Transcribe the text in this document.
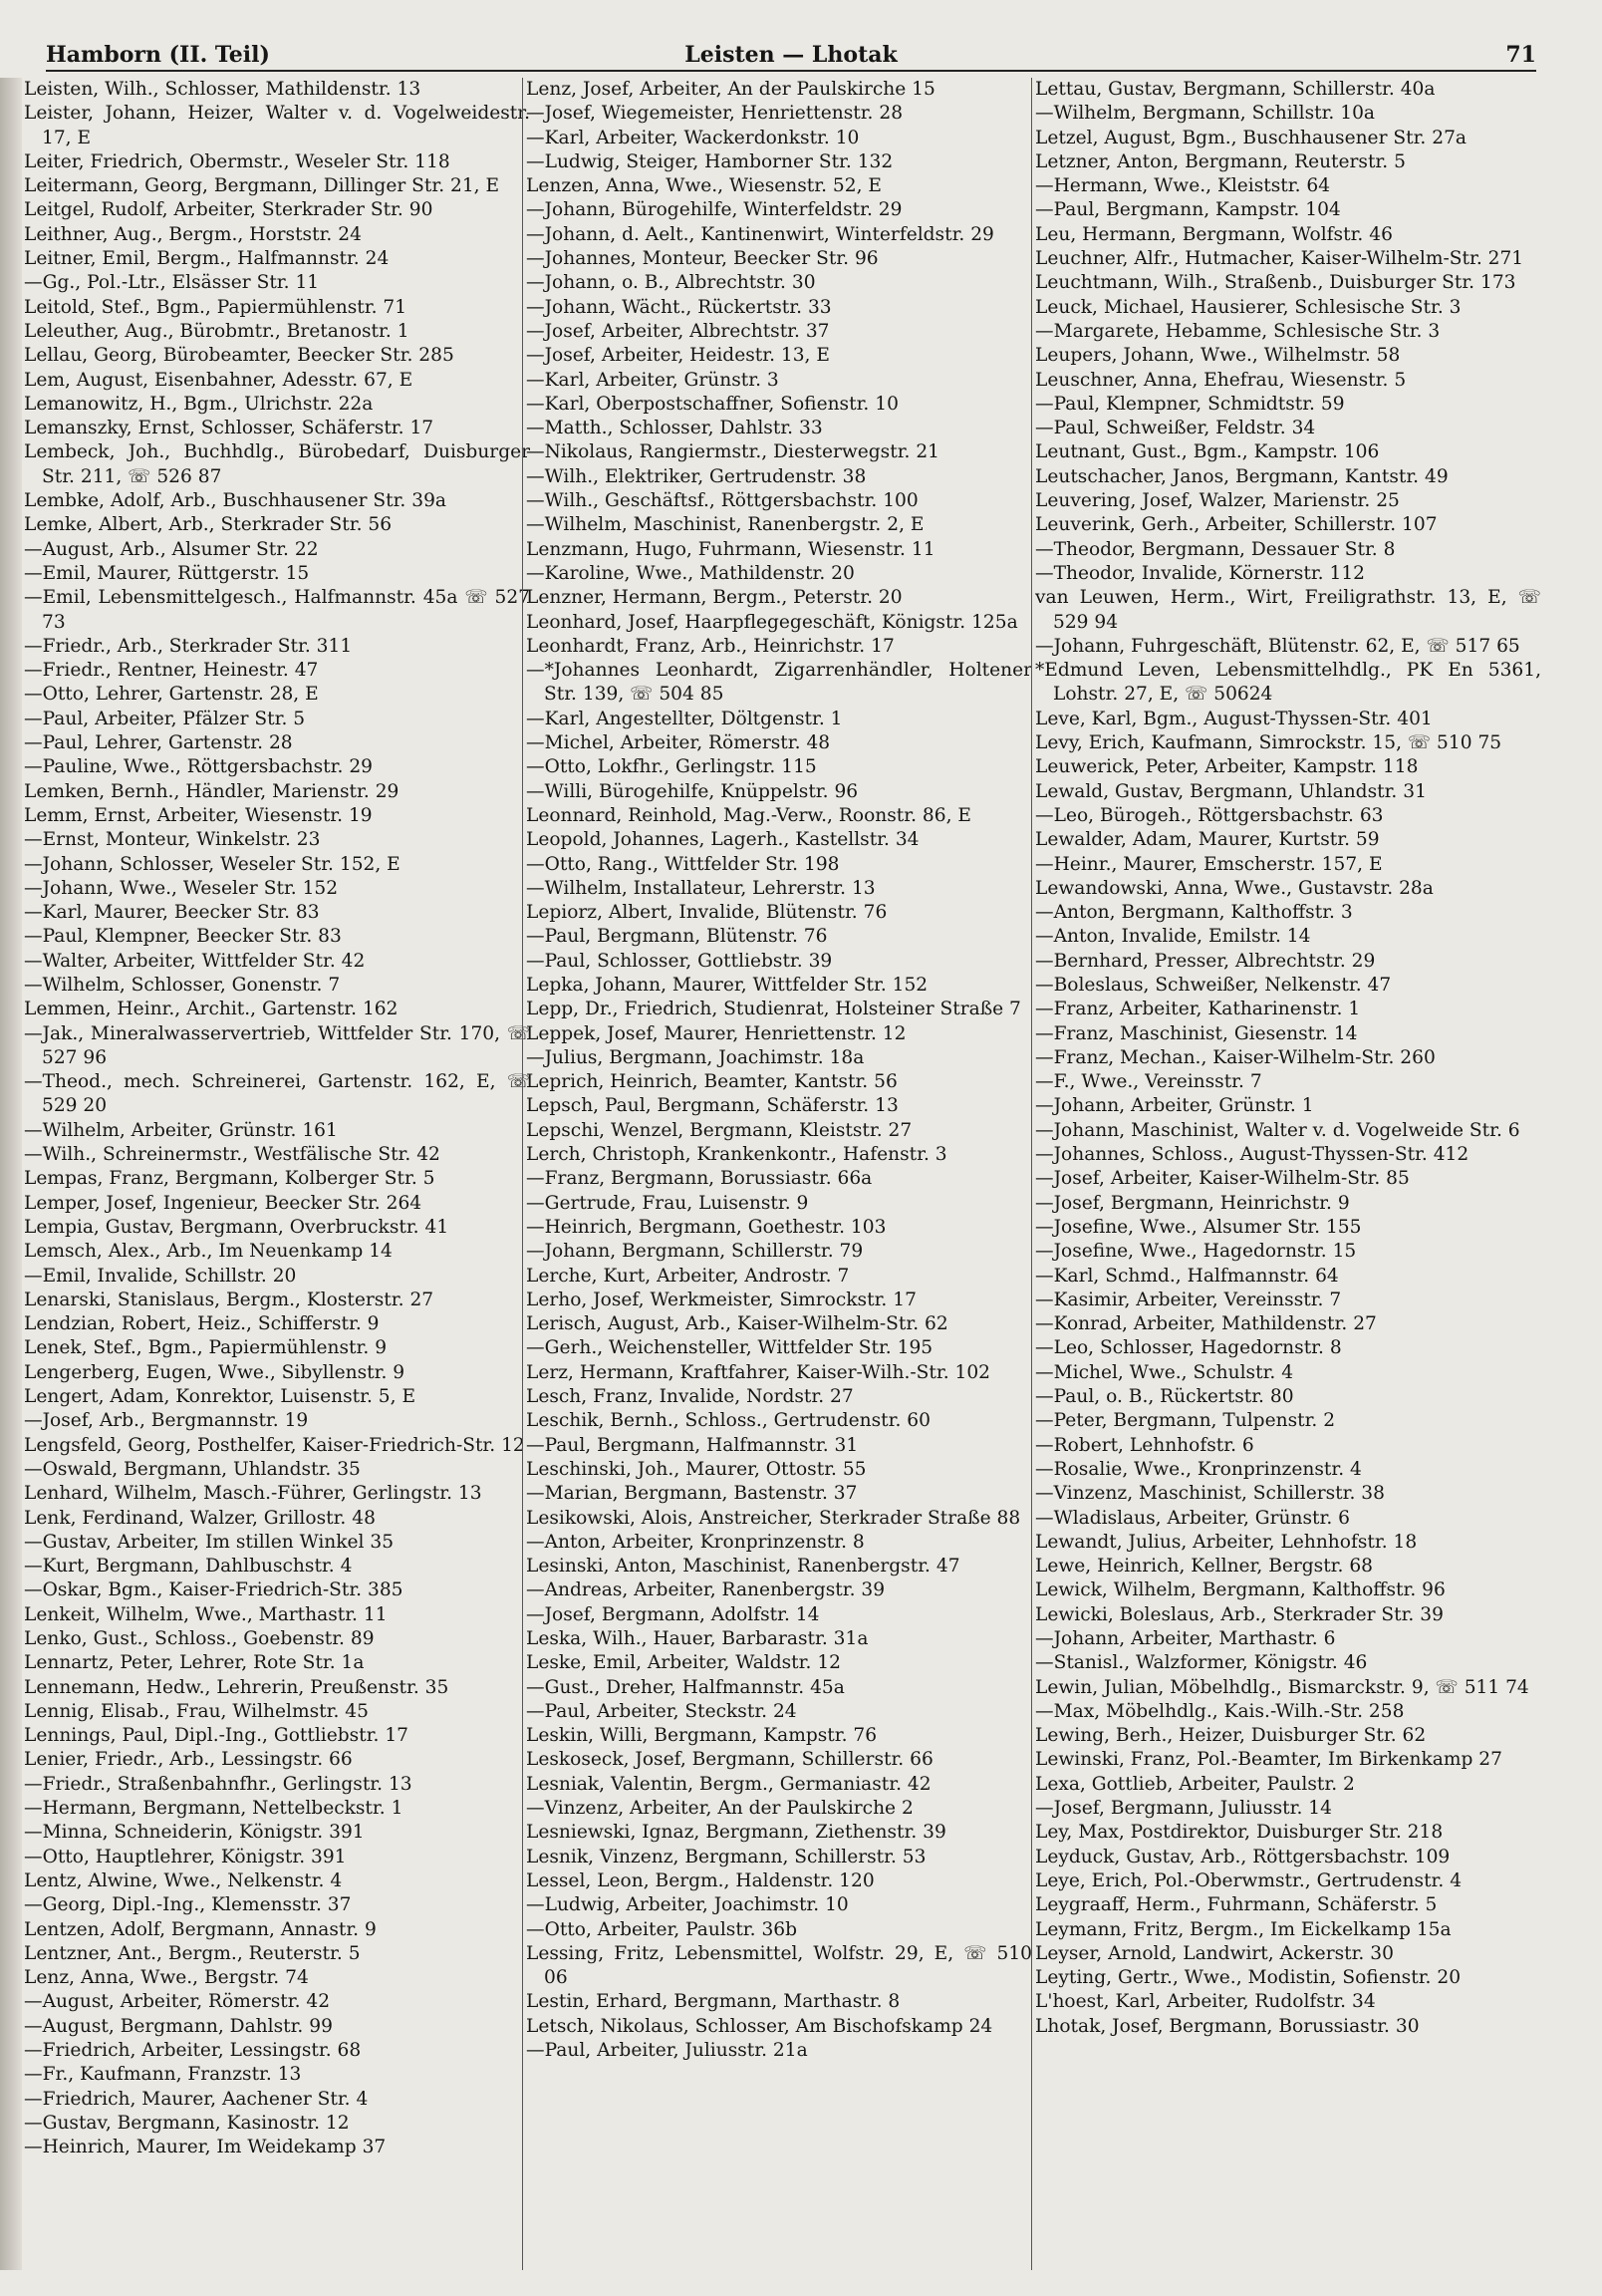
Hamborn (II. Teil)	Leisten — Lhotak	71

Leisten, Wilh., Schlosser, Mathildenstr. 13

Leister, Johann, Heizer, Walter v. d. Vogelweidestr. 17, E

Leiter, Friedrich, Obermstr., Weseler Str. 118

Leitermann, Georg, Bergmann, Dillinger Str. 21, E

Leitgel, Rudolf, Arbeiter, Sterkrader Str. 90

Leithner, Aug., Bergm., Horststr. 24

Leitner, Emil, Bergm., Halfmannstr. 24

—Gg., Pol.-Ltr., Elsässer Str. 11

Leitold, Stef., Bgm., Papiermühlenstr. 71

Leleuther, Aug., Bürobmtr., Bretanostr. 1

Lellau, Georg, Bürobeamter, Beecker Str. 285

Lem, August, Eisenbahner, Adesstr. 67, E

Lemanowitz, H., Bgm., Ulrichstr. 22a

Lemanszky, Ernst, Schlosser, Schäferstr. 17

Lembeck, Joh., Buchhdlg., Bürobedarf, Duisburger Str. 211, ☏ 526 87

Lembke, Adolf, Arb., Buschhausener Str. 39a

Lemke, Albert, Arb., Sterkrader Str. 56

—August, Arb., Alsumer Str. 22

—Emil, Maurer, Rüttgerstr. 15

—Emil, Lebensmittelgesch., Halfmannstr. 45a ☏ 527 73

—Friedr., Arb., Sterkrader Str. 311

—Friedr., Rentner, Heinestr. 47

—Otto, Lehrer, Gartenstr. 28, E

—Paul, Arbeiter, Pfälzer Str. 5

—Paul, Lehrer, Gartenstr. 28

—Pauline, Wwe., Röttgersbachstr. 29

Lemken, Bernh., Händler, Marienstr. 29

Lemm, Ernst, Arbeiter, Wiesenstr. 19

—Ernst, Monteur, Winkelstr. 23

—Johann, Schlosser, Weseler Str. 152, E

—Johann, Wwe., Weseler Str. 152

—Karl, Maurer, Beecker Str. 83

—Paul, Klempner, Beecker Str. 83

—Walter, Arbeiter, Wittfelder Str. 42

—Wilhelm, Schlosser, Gonenstr. 7

Lemmen, Heinr., Archit., Gartenstr. 162

—Jak., Mineralwasservertrieb, Wittfelder Str. 170, ☏ 527 96

—Theod., mech. Schreinerei, Gartenstr. 162, E, ☏ 529 20

—Wilhelm, Arbeiter, Grünstr. 161

—Wilh., Schreinermstr., Westfälische Str. 42

Lempas, Franz, Bergmann, Kolberger Str. 5

Lemper, Josef, Ingenieur, Beecker Str. 264

Lempia, Gustav, Bergmann, Overbruckstr. 41

Lemsch, Alex., Arb., Im Neuenkamp 14

—Emil, Invalide, Schillstr. 20

Lenarski, Stanislaus, Bergm., Klosterstr. 27

Lendzian, Robert, Heiz., Schifferstr. 9

Lenek, Stef., Bgm., Papiermühlenstr. 9

Lengerberg, Eugen, Wwe., Sibyllenstr. 9

Lengert, Adam, Konrektor, Luisenstr. 5, E

—Josef, Arb., Bergmannstr. 19

Lengsfeld, Georg, Posthelfer, Kaiser-Friedrich-Str. 12

—Oswald, Bergmann, Uhlandstr. 35

Lenhard, Wilhelm, Masch.-Führer, Gerlingstr. 13

Lenk, Ferdinand, Walzer, Grillostr. 48

—Gustav, Arbeiter, Im stillen Winkel 35

—Kurt, Bergmann, Dahlbuschstr. 4

—Oskar, Bgm., Kaiser-Friedrich-Str. 385

Lenkeit, Wilhelm, Wwe., Marthastr. 11

Lenko, Gust., Schloss., Goebenstr. 89

Lennartz, Peter, Lehrer, Rote Str. 1a

Lennemann, Hedw., Lehrerin, Preußenstr. 35

Lennig, Elisab., Frau, Wilhelmstr. 45

Lennings, Paul, Dipl.-Ing., Gottliebstr. 17

Lenier, Friedr., Arb., Lessingstr. 66

—Friedr., Straßenbahnfhr., Gerlingstr. 13

—Hermann, Bergmann, Nettelbeckstr. 1

—Minna, Schneiderin, Königstr. 391

—Otto, Hauptlehrer, Königstr. 391

Lentz, Alwine, Wwe., Nelkenstr. 4

—Georg, Dipl.-Ing., Klemensstr. 37

Lentzen, Adolf, Bergmann, Annastr. 9

Lentzner, Ant., Bergm., Reuterstr. 5

Lenz, Anna, Wwe., Bergstr. 74

—August, Arbeiter, Römerstr. 42

—August, Bergmann, Dahlstr. 99

—Friedrich, Arbeiter, Lessingstr. 68

—Fr., Kaufmann, Franzstr. 13

—Friedrich, Maurer, Aachener Str. 4

—Gustav, Bergmann, Kasinostr. 12

—Heinrich, Maurer, Im Weidekamp 37

Lenz, Josef, Arbeiter, An der Paulskirche 15

—Josef, Wiegemeister, Henriettenstr. 28

—Karl, Arbeiter, Wackerdonkstr. 10

—Ludwig, Steiger, Hamborner Str. 132

Lenzen, Anna, Wwe., Wiesenstr. 52, E

—Johann, Bürogehilfe, Winterfeldstr. 29

—Johann, d. Aelt., Kantinenwirt, Winterfeldstr. 29

—Johannes, Monteur, Beecker Str. 96

—Johann, o. B., Albrechtstr. 30

—Johann, Wächt., Rückertstr. 33

—Josef, Arbeiter, Albrechtstr. 37

—Josef, Arbeiter, Heidestr. 13, E

—Karl, Arbeiter, Grünstr. 3

—Karl, Oberpostschaffner, Sofienstr. 10

—Matth., Schlosser, Dahlstr. 33

—Nikolaus, Rangiermstr., Diesterwegstr. 21

—Wilh., Elektriker, Gertrudenstr. 38

—Wilh., Geschäftsf., Röttgersbachstr. 100

—Wilhelm, Maschinist, Ranenbergstr. 2, E

Lenzmann, Hugo, Fuhrmann, Wiesenstr. 11

—Karoline, Wwe., Mathildenstr. 20

Lenzner, Hermann, Bergm., Peterstr. 20

Leonhard, Josef, Haarpflegegeschäft, Königstr. 125a

Leonhardt, Franz, Arb., Heinrichstr. 17

—*Johannes Leonhardt, Zigarrenhändler, Holtener Str. 139, ☏ 504 85

—Karl, Angestellter, Döltgenstr. 1

—Michel, Arbeiter, Römerstr. 48

—Otto, Lokfhr., Gerlingstr. 115

—Willi, Bürogehilfe, Knüppelstr. 96

Leonnard, Reinhold, Mag.-Verw., Roonstr. 86, E

Leopold, Johannes, Lagerh., Kastellstr. 34

—Otto, Rang., Wittfelder Str. 198

—Wilhelm, Installateur, Lehrerstr. 13

Lepiorz, Albert, Invalide, Blütenstr. 76

—Paul, Bergmann, Blütenstr. 76

—Paul, Schlosser, Gottliebstr. 39

Lepka, Johann, Maurer, Wittfelder Str. 152

Lepp, Dr., Friedrich, Studienrat, Holsteiner Straße 7

Leppek, Josef, Maurer, Henriettenstr. 12

—Julius, Bergmann, Joachimstr. 18a

Leprich, Heinrich, Beamter, Kantstr. 56

Lepsch, Paul, Bergmann, Schäferstr. 13

Lepschi, Wenzel, Bergmann, Kleiststr. 27

Lerch, Christoph, Krankenkontr., Hafenstr. 3

—Franz, Bergmann, Borussiastr. 66a

—Gertrude, Frau, Luisenstr. 9

—Heinrich, Bergmann, Goethestr. 103

—Johann, Bergmann, Schillerstr. 79

Lerche, Kurt, Arbeiter, Androstr. 7

Lerho, Josef, Werkmeister, Simrockstr. 17

Lerisch, August, Arb., Kaiser-Wilhelm-Str. 62

—Gerh., Weichensteller, Wittfelder Str. 195

Lerz, Hermann, Kraftfahrer, Kaiser-Wilh.-Str. 102

Lesch, Franz, Invalide, Nordstr. 27

Leschik, Bernh., Schloss., Gertrudenstr. 60

—Paul, Bergmann, Halfmannstr. 31

Leschinski, Joh., Maurer, Ottostr. 55

—Marian, Bergmann, Bastenstr. 37

Lesikowski, Alois, Anstreicher, Sterkrader Straße 88

—Anton, Arbeiter, Kronprinzenstr. 8

Lesinski, Anton, Maschinist, Ranenbergstr. 47

—Andreas, Arbeiter, Ranenbergstr. 39

—Josef, Bergmann, Adolfstr. 14

Leska, Wilh., Hauer, Barbarastr. 31a

Leske, Emil, Arbeiter, Waldstr. 12

—Gust., Dreher, Halfmannstr. 45a

—Paul, Arbeiter, Steckstr. 24

Leskin, Willi, Bergmann, Kampstr. 76

Leskoseck, Josef, Bergmann, Schillerstr. 66

Lesniak, Valentin, Bergm., Germaniastr. 42

—Vinzenz, Arbeiter, An der Paulskirche 2

Lesniewski, Ignaz, Bergmann, Ziethenstr. 39

Lesnik, Vinzenz, Bergmann, Schillerstr. 53

Lessel, Leon, Bergm., Haldenstr. 120

—Ludwig, Arbeiter, Joachimstr. 10

—Otto, Arbeiter, Paulstr. 36b

Lessing, Fritz, Lebensmittel, Wolfstr. 29, E, ☏ 510 06

Lestin, Erhard, Bergmann, Marthastr. 8

Letsch, Nikolaus, Schlosser, Am Bischofskamp 24

—Paul, Arbeiter, Juliusstr. 21a

Lettau, Gustav, Bergmann, Schillerstr. 40a

—Wilhelm, Bergmann, Schillstr. 10a

Letzel, August, Bgm., Buschhausener Str. 27a

Letzner, Anton, Bergmann, Reuterstr. 5

—Hermann, Wwe., Kleiststr. 64

—Paul, Bergmann, Kampstr. 104

Leu, Hermann, Bergmann, Wolfstr. 46

Leuchner, Alfr., Hutmacher, Kaiser-Wilhelm-Str. 271

Leuchtmann, Wilh., Straßenb., Duisburger Str. 173

Leuck, Michael, Hausierer, Schlesische Str. 3

—Margarete, Hebamme, Schlesische Str. 3

Leupers, Johann, Wwe., Wilhelmstr. 58

Leuschner, Anna, Ehefrau, Wiesenstr. 5

—Paul, Klempner, Schmidtstr. 59

—Paul, Schweißer, Feldstr. 34

Leutnant, Gust., Bgm., Kampstr. 106

Leutschacher, Janos, Bergmann, Kantstr. 49

Leuvering, Josef, Walzer, Marienstr. 25

Leuverink, Gerh., Arbeiter, Schillerstr. 107

—Theodor, Bergmann, Dessauer Str. 8

—Theodor, Invalide, Körnerstr. 112

van Leuwen, Herm., Wirt, Freiligrathstr. 13, E, ☏ 529 94

—Johann, Fuhrgeschäft, Blütenstr. 62, E, ☏ 517 65

*Edmund Leven, Lebensmittelhdlg., PK En 5361, Lohstr. 27, E, ☏ 50624

Leve, Karl, Bgm., August-Thyssen-Str. 401

Levy, Erich, Kaufmann, Simrockstr. 15, ☏ 510 75

Leuwerick, Peter, Arbeiter, Kampstr. 118

Lewald, Gustav, Bergmann, Uhlandstr. 31

—Leo, Bürogeh., Röttgersbachstr. 63

Lewalder, Adam, Maurer, Kurtstr. 59

—Heinr., Maurer, Emscherstr. 157, E

Lewandowski, Anna, Wwe., Gustavstr. 28a

—Anton, Bergmann, Kalthoffstr. 3

—Anton, Invalide, Emilstr. 14

—Bernhard, Presser, Albrechtstr. 29

—Boleslaus, Schweißer, Nelkenstr. 47

—Franz, Arbeiter, Katharinenstr. 1

—Franz, Maschinist, Giesenstr. 14

—Franz, Mechan., Kaiser-Wilhelm-Str. 260

—F., Wwe., Vereinsstr. 7

—Johann, Arbeiter, Grünstr. 1

—Johann, Maschinist, Walter v. d. Vogelweide Str. 6

—Johannes, Schloss., August-Thyssen-Str. 412

—Josef, Arbeiter, Kaiser-Wilhelm-Str. 85

—Josef, Bergmann, Heinrichstr. 9

—Josefine, Wwe., Alsumer Str. 155

—Josefine, Wwe., Hagedornstr. 15

—Karl, Schmd., Halfmannstr. 64

—Kasimir, Arbeiter, Vereinsstr. 7

—Konrad, Arbeiter, Mathildenstr. 27

—Leo, Schlosser, Hagedornstr. 8

—Michel, Wwe., Schulstr. 4

—Paul, o. B., Rückertstr. 80

—Peter, Bergmann, Tulpenstr. 2

—Robert, Lehnhofstr. 6

—Rosalie, Wwe., Kronprinzenstr. 4

—Vinzenz, Maschinist, Schillerstr. 38

—Wladislaus, Arbeiter, Grünstr. 6

Lewandt, Julius, Arbeiter, Lehnhofstr. 18

Lewe, Heinrich, Kellner, Bergstr. 68

Lewick, Wilhelm, Bergmann, Kalthoffstr. 96

Lewicki, Boleslaus, Arb., Sterkrader Str. 39

—Johann, Arbeiter, Marthastr. 6

—Stanisl., Walzformer, Königstr. 46

Lewin, Julian, Möbelhdlg., Bismarckstr. 9, ☏ 511 74

—Max, Möbelhdlg., Kais.-Wilh.-Str. 258

Lewing, Berh., Heizer, Duisburger Str. 62

Lewinski, Franz, Pol.-Beamter, Im Birkenkamp 27

Lexa, Gottlieb, Arbeiter, Paulstr. 2

—Josef, Bergmann, Juliusstr. 14

Ley, Max, Postdirektor, Duisburger Str. 218

Leyduck, Gustav, Arb., Röttgersbachstr. 109

Leye, Erich, Pol.-Oberwmstr., Gertrudenstr. 4

Leygraaff, Herm., Fuhrmann, Schäferstr. 5

Leymann, Fritz, Bergm., Im Eickelkamp 15a

Leyser, Arnold, Landwirt, Ackerstr. 30

Leyting, Gertr., Wwe., Modistin, Sofienstr. 20

L'hoest, Karl, Arbeiter, Rudolfstr. 34

Lhotak, Josef, Bergmann, Borussiastr. 30
